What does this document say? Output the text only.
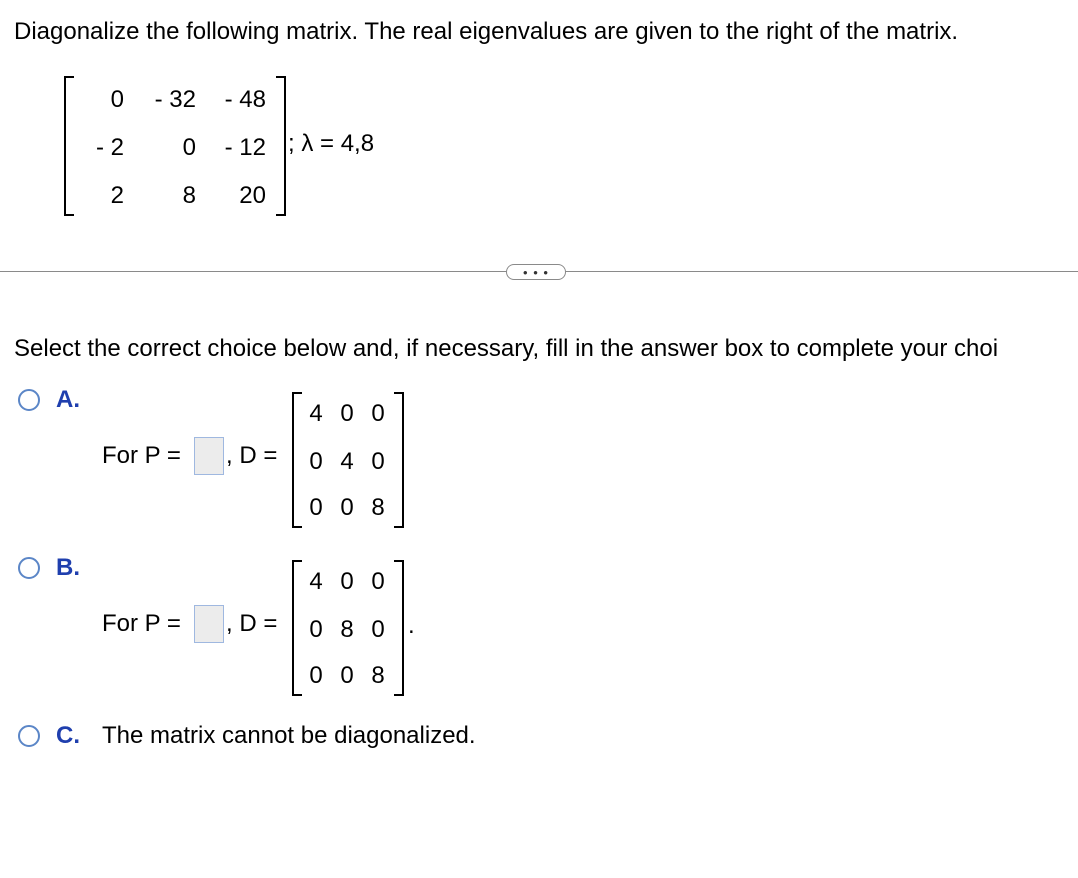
Diagonalize the following matrix. The real eigenvalues are given to the right of the matrix.
0	- 32	- 48
- 2	0	- 12
2	8	20
; λ = 4,8
• • •
Select the correct choice below and, if necessary, fill in the answer box to complete your choi
A.
For P = , D =
4 0 0
0 4 0
0 0 8
B.
For P = , D =
4 0 0
0 8 0
0 0 8
.
C. The matrix cannot be diagonalized.
